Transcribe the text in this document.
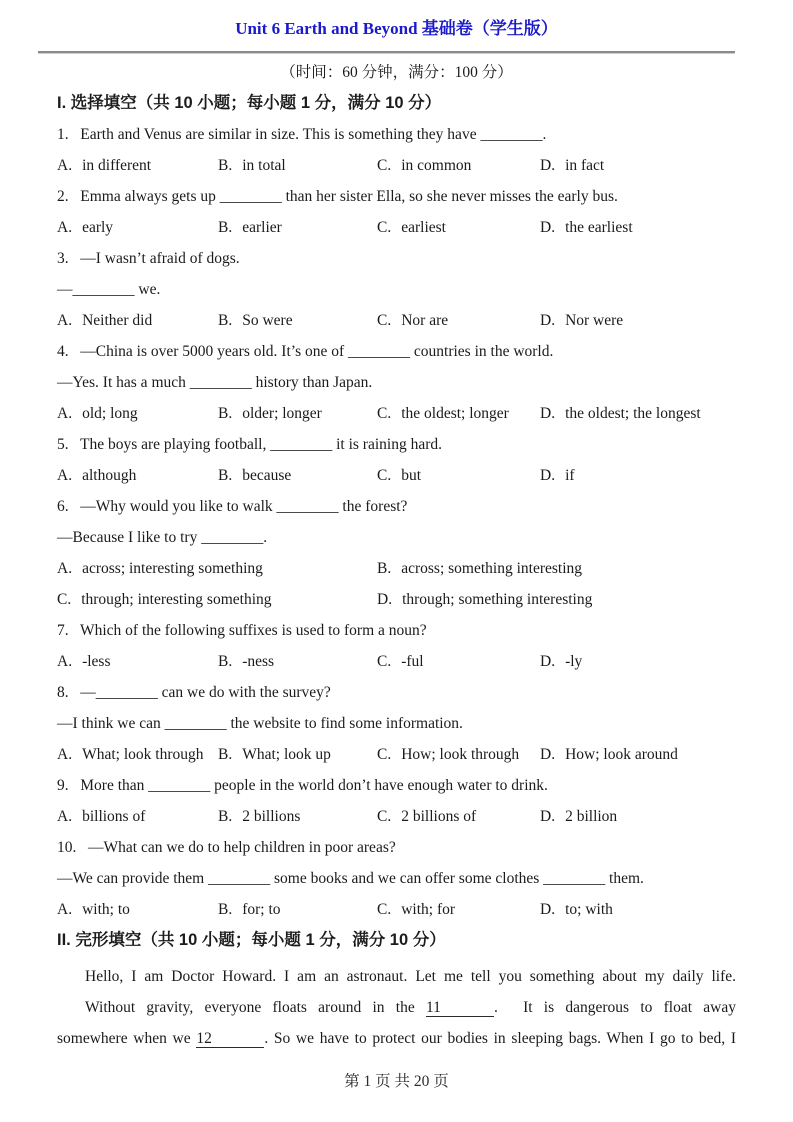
Unit 6 Earth and Beyond 基础卷（学生版）
（时间：60 分钟，满分：100 分）
I. 选择填空（共 10 小题；每小题 1 分，满分 10 分）
1.   Earth and Venus are similar in size. This is something they have ________.
A. in different	B. in total	C. in common	D. in fact
2.   Emma always gets up ________ than her sister Ella, so she never misses the early bus.
A. early	B. earlier	C. earliest	D. the earliest
3.   —I wasn’t afraid of dogs.
—________ we.
A. Neither did	B. So were	C. Nor are	D. Nor were
4.   —China is over 5000 years old. It’s one of ________ countries in the world.
—Yes. It has a much ________ history than Japan.
A. old; long	B. older; longer	C. the oldest; longer	D. the oldest; the longest
5.   The boys are playing football, ________ it is raining hard.
A. although	B. because	C. but	D. if
6.   —Why would you like to walk ________ the forest?
—Because I like to try ________.
A. across; interesting something	B. across; something interesting
C. through; interesting something	D. through; something interesting
7.   Which of the following suffixes is used to form a noun?
A. -less	B. -ness	C. -ful	D. -ly
8.   —________ can we do with the survey?
—I think we can ________ the website to find some information.
A. What; look through B. What; look up	C. How; look through	D. How; look around
9.   More than ________ people in the world don’t have enough water to drink.
A. billions of	B. 2 billions	C. 2 billions of	D. 2 billion
10.   —What can we do to help children in poor areas?
—We can provide them ________ some books and we can offer some clothes ________ them.
A. with; to	B. for; to	C. with; for	D. to; with
II. 完形填空（共 10 小题；每小题 1 分，满分 10 分）
Hello, I am Doctor Howard. I am an astronaut. Let me tell you something about my daily life.
Without gravity, everyone floats around in the 11	. It is dangerous to float away
somewhere when we 12	. So we have to protect our bodies in sleeping bags. When I go to bed, I
第 1 页 共 20 页
